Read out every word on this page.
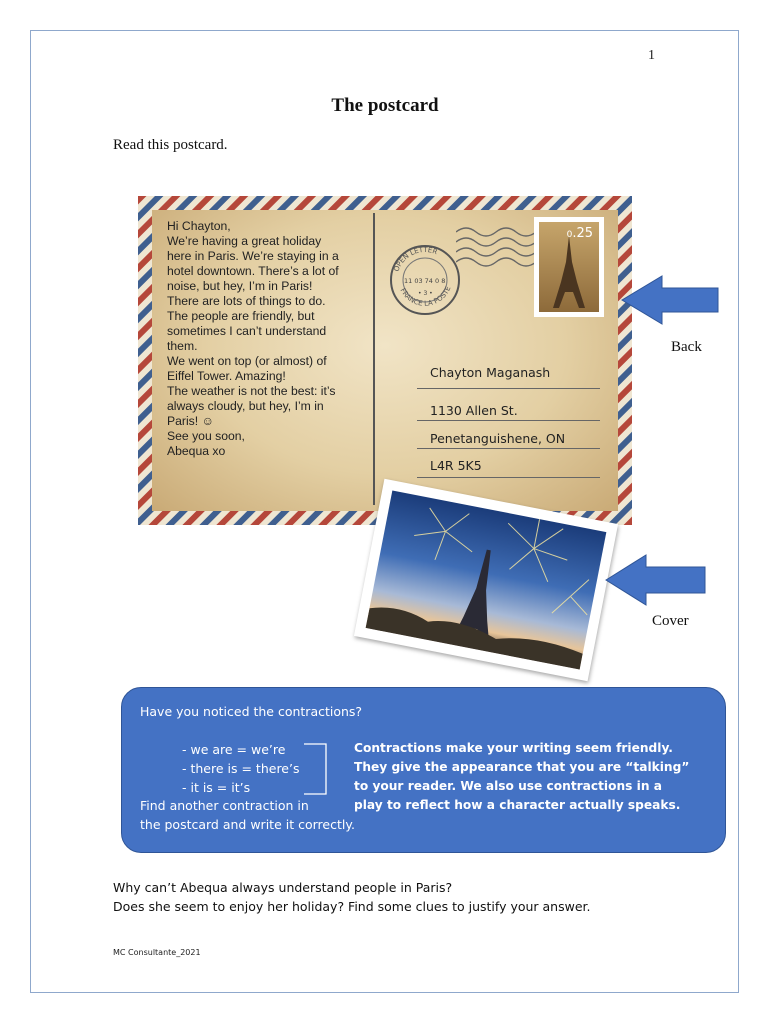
1
The postcard
Read this postcard.
Hi Chayton,
We’re having a great holiday
here in Paris. We’re staying in a
hotel downtown. There’s a lot of
noise, but hey, I’m in Paris!
There are lots of things to do.
The people are friendly, but
sometimes I can’t understand
them.
We went on top (or almost) of
Eiffel Tower. Amazing!
The weather is not the best: it’s
always cloudy, but hey, I’m in
Paris! ☺
See you soon,
Abequa xo
OPEN LETTER
FRANCE LA POSTE
11 03 74 0 8
• 3 •
0.25
Chayton Maganash
1130 Allen St.
Penetanguishene, ON
L4R 5K5
Back
Cover
Have you noticed the contractions?
- we are = we’re
- there is = there’s
- it is = it’s
Find another contraction in
the postcard and write it correctly.
Contractions make your writing seem friendly. They give the appearance that you are “talking” to your reader. We also use contractions in a play to reflect how a character actually speaks.
Why can’t Abequa always understand people in Paris?
Does she seem to enjoy her holiday? Find some clues to justify your answer.
MC Consultante_2021
